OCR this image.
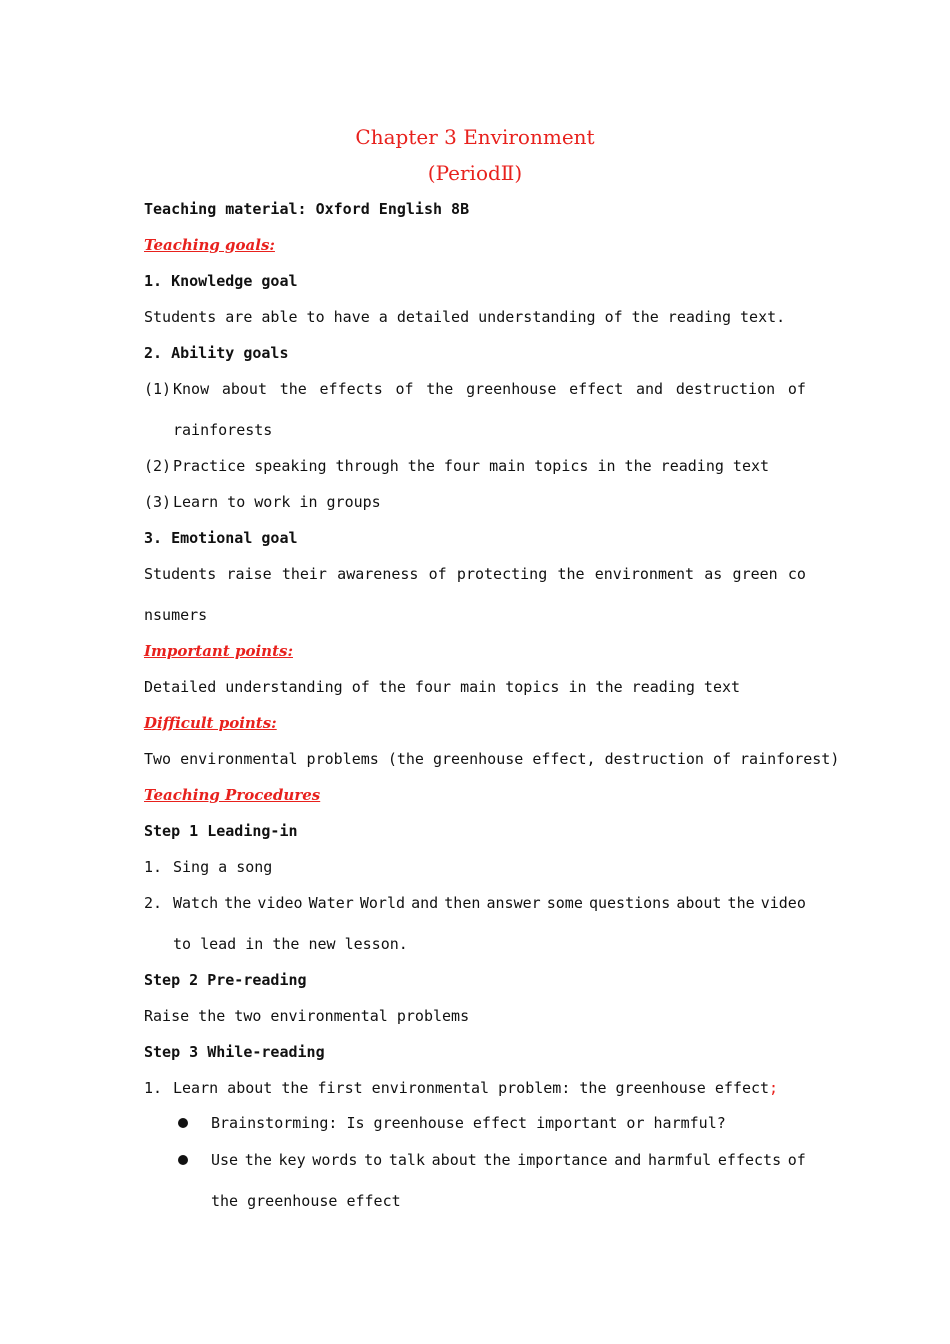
Chapter 3 Environment
(PeriodⅡ)
Teaching material: Oxford English 8B
Teaching goals:
1. Knowledge goal
Students are able to have a detailed understanding of the reading text.
2. Ability goals
(1) Know about the effects of the greenhouse effect and destruction of
rainforests
(2) Practice speaking through the four main topics in the reading text
(3) Learn to work in groups
3. Emotional goal
Students raise their awareness of protecting the environment as green co
nsumers
Important points:
Detailed understanding of the four main topics in the reading text
Difficult points:
Two environmental problems (the greenhouse effect, destruction of rainforest)
Teaching Procedures
Step 1 Leading-in
1. Sing a song
2. Watch the video Water World and then answer some questions about the video
to lead in the new lesson.
Step 2 Pre-reading
Raise the two environmental problems
Step 3 While-reading
1. Learn about the first environmental problem: the greenhouse effect;
Brainstorming: Is greenhouse effect important or harmful?
Use the key words to talk about the importance and harmful effects of
the greenhouse effect
